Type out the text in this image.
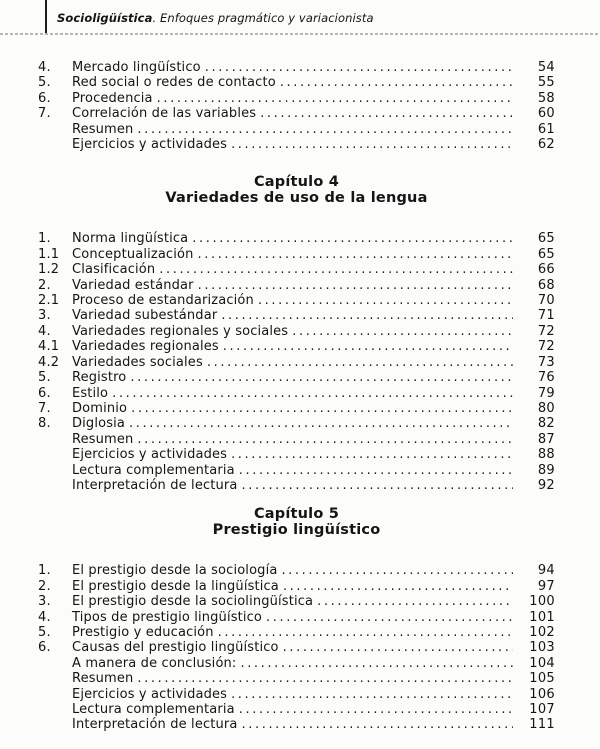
Socioligüística. Enfoques pragmático y variacionista
4.	Mercado lingüístico .....	54
5.	Red social o redes de contacto .....	55
6.	Procedencia .....	58
7.	Correlación de las variables .....	60
Resumen .....	61
Ejercicios y actividades .....	62
Capítulo 4
Variedades de uso de la lengua
1.	Norma lingüística .....	65
1.1 Conceptualización .....	65
1.2 Clasificación .....	66
2.	Variedad estándar .....	68
2.1 Proceso de estandarización .....	70
3.	Variedad subestándar .....	71
4.	Variedades regionales y sociales .....	72
4.1 Variedades regionales .....	72
4.2 Variedades sociales .....	73
5.	Registro .....	76
6.	Estilo .....	79
7.	Dominio .....	80
8.	Diglosia .....	82
Resumen .....	87
Ejercicios y actividades .....	88
Lectura complementaria .....	89
Interpretación de lectura .....	92
Capítulo 5
Prestigio lingüístico
1.	El prestigio desde la sociología .....	94
2.	El prestigio desde la lingüística .....	97
3.	El prestigio desde la sociolingüística .....	100
4.	Tipos de prestigio lingüístico .....	101
5.	Prestigio y educación .....	102
6.	Causas del prestigio lingüístico .....	103
A manera de conclusión: .....	104
Resumen .....	105
Ejercicios y actividades .....	106
Lectura complementaria .....	107
Interpretación de lectura .....	111
